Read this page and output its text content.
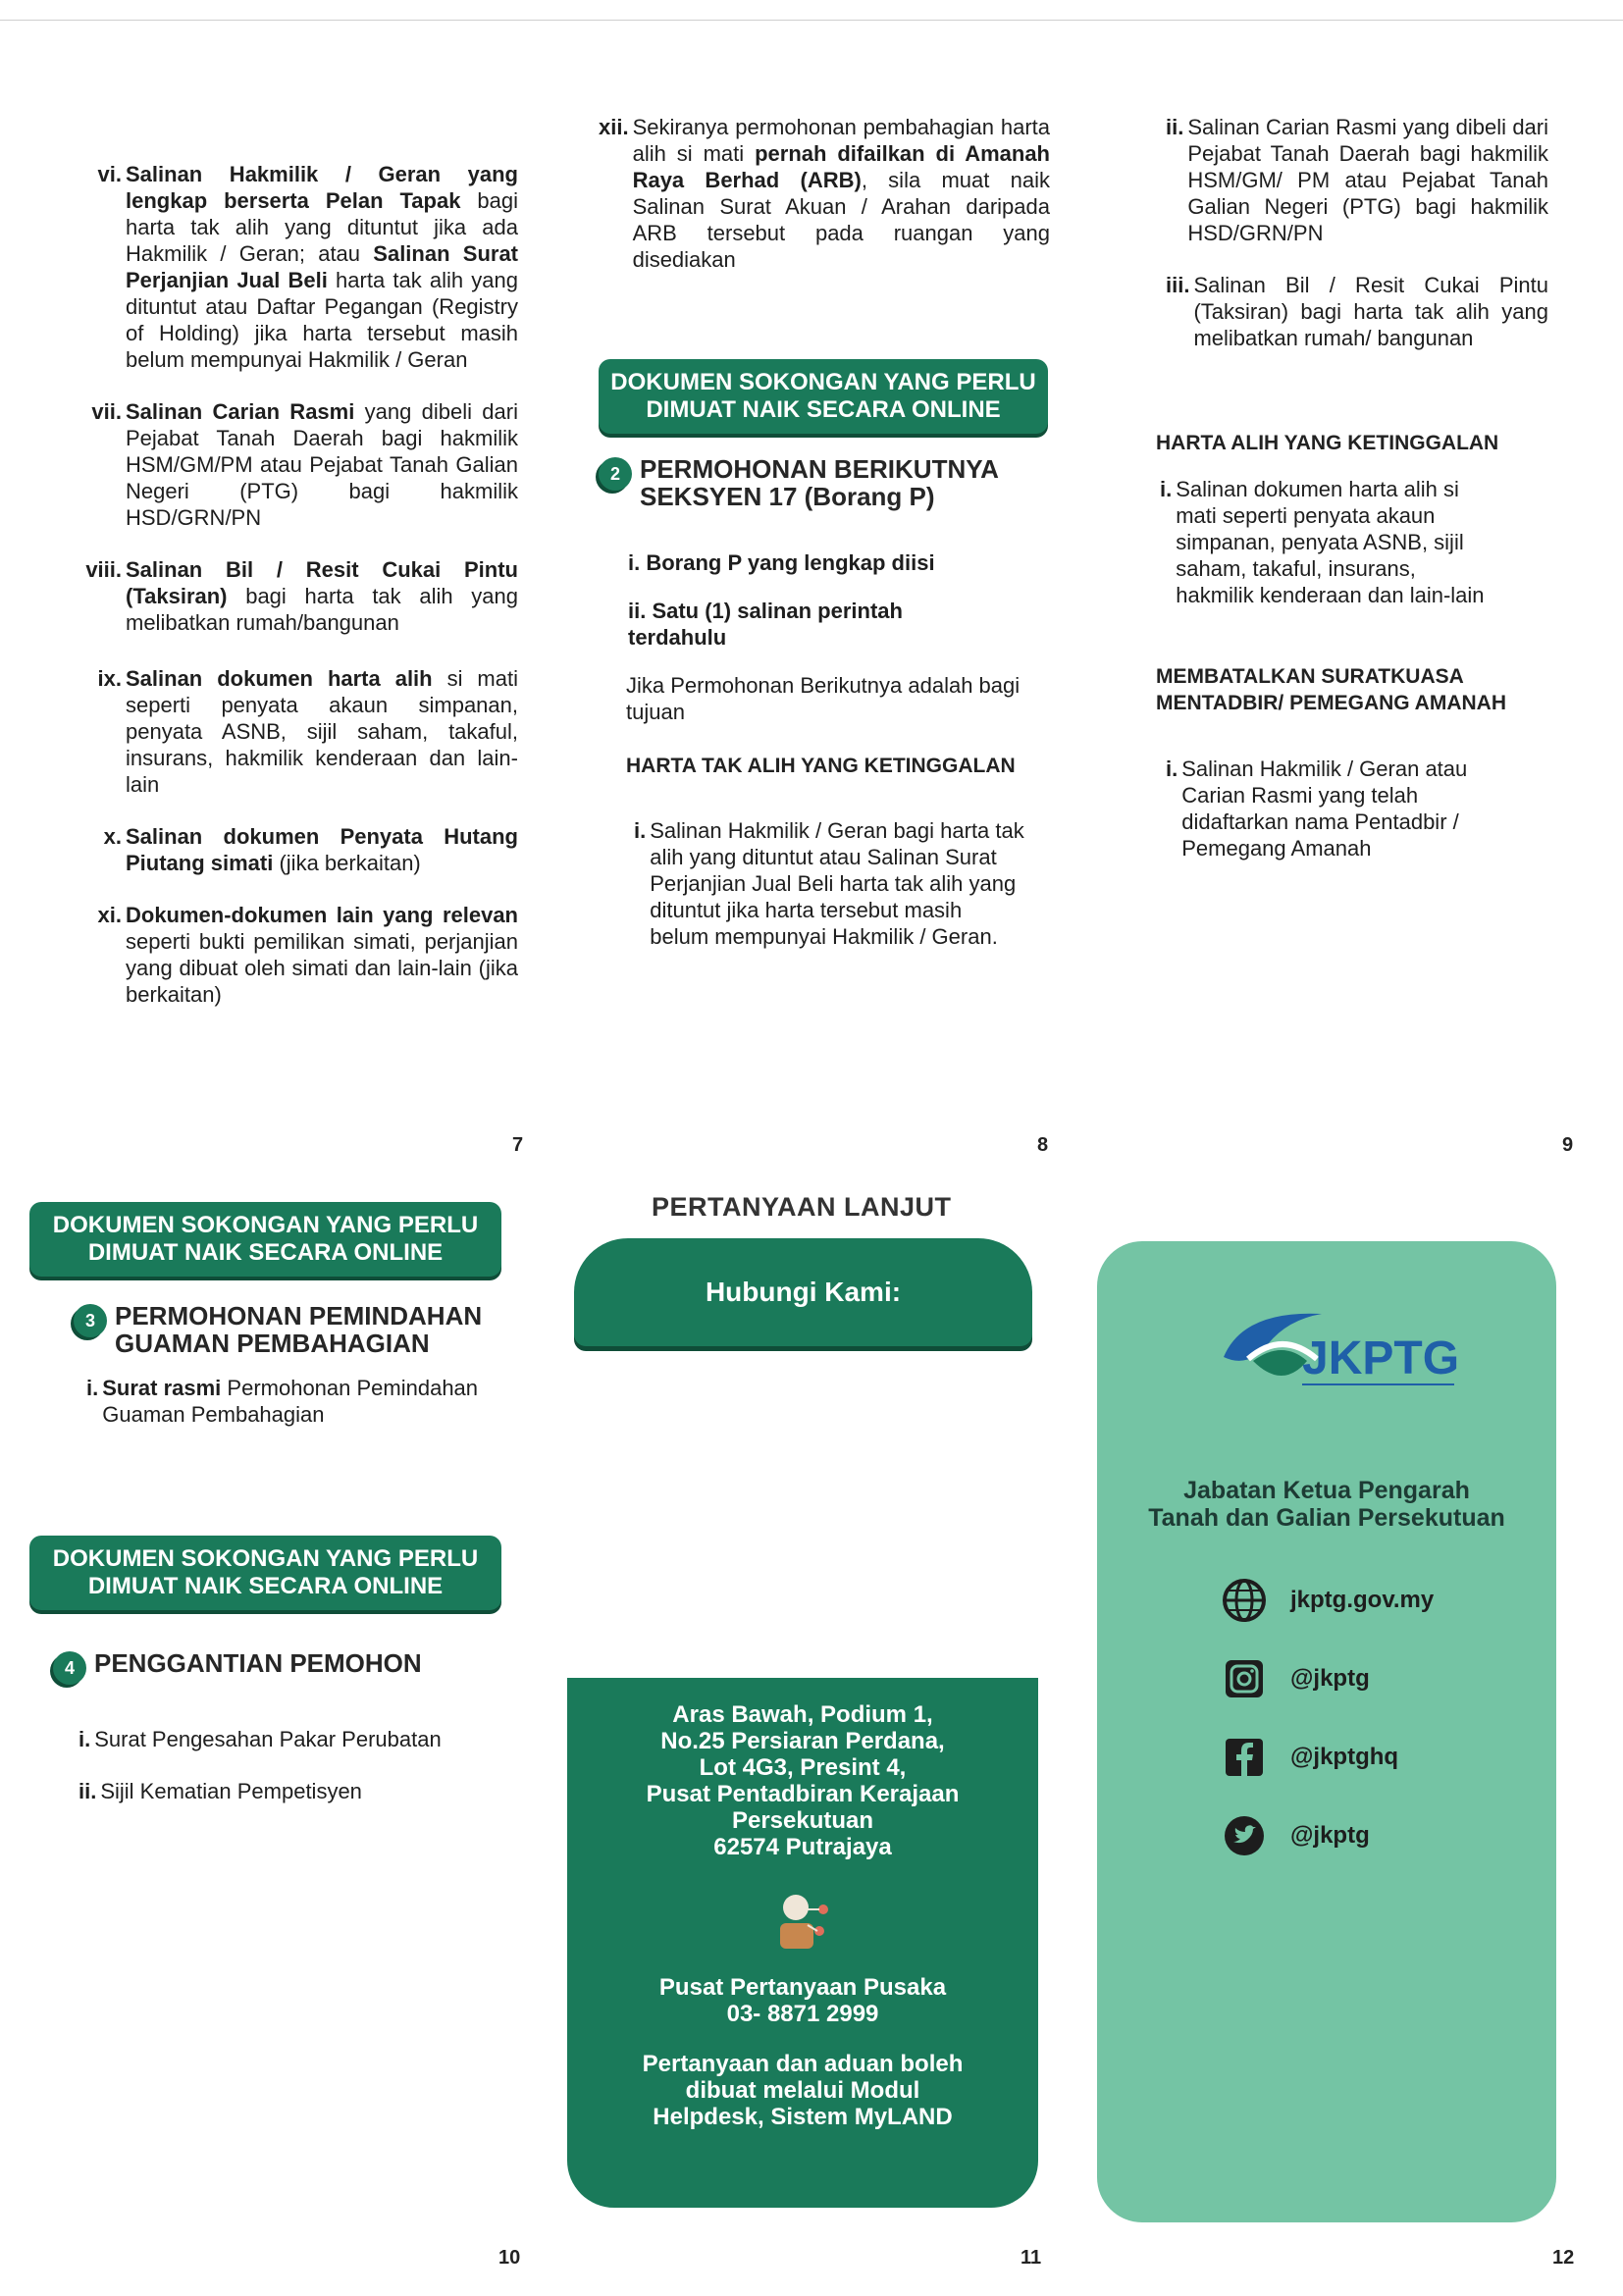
vi. Salinan Hakmilik / Geran yang lengkap berserta Pelan Tapak bagi harta tak alih yang dituntut jika ada Hakmilik / Geran; atau Salinan Surat Perjanjian Jual Beli harta tak alih yang dituntut atau Daftar Pegangan (Registry of Holding) jika harta tersebut masih belum mempunyai Hakmilik / Geran
vii. Salinan Carian Rasmi yang dibeli dari Pejabat Tanah Daerah bagi hakmilik HSM/GM/PM atau Pejabat Tanah Galian Negeri (PTG) bagi hakmilik HSD/GRN/PN
viii. Salinan Bil / Resit Cukai Pintu (Taksiran) bagi harta tak alih yang melibatkan rumah/bangunan
ix. Salinan dokumen harta alih si mati seperti penyata akaun simpanan, penyata ASNB, sijil saham, takaful, insurans, hakmilik kenderaan dan lain-lain
x. Salinan dokumen Penyata Hutang Piutang simati (jika berkaitan)
xi. Dokumen-dokumen lain yang relevan seperti bukti pemilikan simati, perjanjian yang dibuat oleh simati dan lain-lain (jika berkaitan)
7
xii. Sekiranya permohonan pembahagian harta alih si mati pernah difailkan di Amanah Raya Berhad (ARB), sila muat naik Salinan Surat Akuan / Arahan daripada ARB tersebut pada ruangan yang disediakan
DOKUMEN SOKONGAN YANG PERLU DIMUAT NAIK SECARA ONLINE
2 PERMOHONAN BERIKUTNYA SEKSYEN 17 (Borang P)
i. Borang P yang lengkap diisi
ii. Satu (1) salinan perintah terdahulu
Jika Permohonan Berikutnya adalah bagi tujuan
HARTA TAK ALIH YANG KETINGGALAN
i. Salinan Hakmilik / Geran bagi harta tak alih yang dituntut atau Salinan Surat Perjanjian Jual Beli harta tak alih yang dituntut jika harta tersebut masih belum mempunyai Hakmilik / Geran.
8
ii. Salinan Carian Rasmi yang dibeli dari Pejabat Tanah Daerah bagi hakmilik HSM/GM/ PM atau Pejabat Tanah Galian Negeri (PTG) bagi hakmilik HSD/GRN/PN
iii. Salinan Bil / Resit Cukai Pintu (Taksiran) bagi harta tak alih yang melibatkan rumah/ bangunan
HARTA ALIH YANG KETINGGALAN
i. Salinan dokumen harta alih si mati seperti penyata akaun simpanan, penyata ASNB, sijil saham, takaful, insurans, hakmilik kenderaan dan lain-lain
MEMBATALKAN SURATKUASA MENTADBIR/ PEMEGANG AMANAH
i. Salinan Hakmilik / Geran atau Carian Rasmi yang telah didaftarkan nama Pentadbir / Pemegang Amanah
9
DOKUMEN SOKONGAN YANG PERLU DIMUAT NAIK SECARA ONLINE
3 PERMOHONAN PEMINDAHAN GUAMAN PEMBAHAGIAN
i. Surat rasmi Permohonan Pemindahan Guaman Pembahagian
DOKUMEN SOKONGAN YANG PERLU DIMUAT NAIK SECARA ONLINE
4 PENGGANTIAN PEMOHON
i. Surat Pengesahan Pakar Perubatan
ii. Sijil Kematian Pempetisyen
10
PERTANYAAN LANJUT
Hubungi Kami:
Aras Bawah, Podium 1,
No.25 Persiaran Perdana,
Lot 4G3, Presint 4,
Pusat Pentadbiran Kerajaan
Persekutuan
62574 Putrajaya
Pusat Pertanyaan Pusaka
03- 8871 2999
Pertanyaan dan aduan boleh
dibuat melalui Modul
Helpdesk, Sistem MyLAND
11
JKPTG
Jabatan Ketua Pengarah
Tanah dan Galian Persekutuan
jkptg.gov.my
@jkptg
@jkptghq
@jkptg
12
